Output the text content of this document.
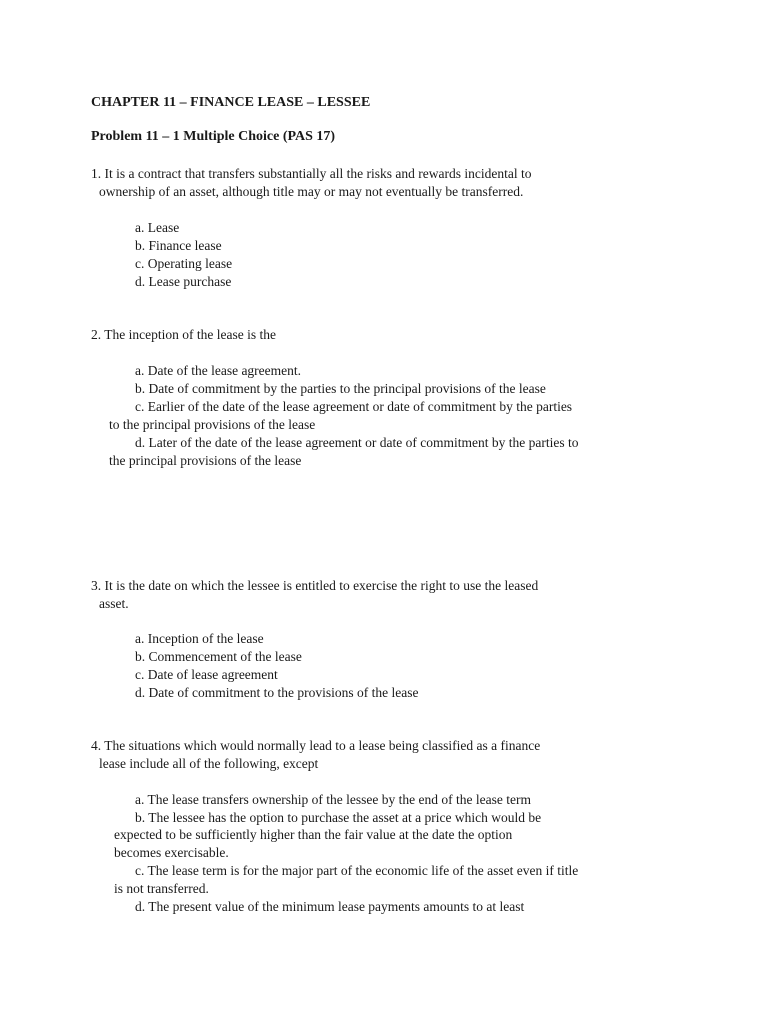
CHAPTER 11 – FINANCE LEASE – LESSEE
Problem 11 – 1 Multiple Choice (PAS 17)
1. It is a contract that transfers substantially all the risks and rewards incidental to
ownership of an asset, although title may or may not eventually be transferred.
a. Lease
b. Finance lease
c. Operating lease
d. Lease purchase
2. The inception of the lease is the
a. Date of the lease agreement.
b. Date of commitment by the parties to the principal provisions of the lease
c. Earlier of the date of the lease agreement or date of commitment by the parties
to the principal provisions of the lease
d. Later of the date of the lease agreement or date of commitment by the parties to
the principal provisions of the lease
3. It is the date on which the lessee is entitled to exercise the right to use the leased
asset.
a. Inception of the lease
b. Commencement of the lease
c. Date of lease agreement
d. Date of commitment to the provisions of the lease
4. The situations which would normally lead to a lease being classified as a finance
lease include all of the following, except
a. The lease transfers ownership of the lessee by the end of the lease term
b. The lessee has the option to purchase the asset at a price which would be
expected to be sufficiently higher than the fair value at the date the option
becomes exercisable.
c. The lease term is for the major part of the economic life of the asset even if title
is not transferred.
d. The present value of the minimum lease payments amounts to at least
